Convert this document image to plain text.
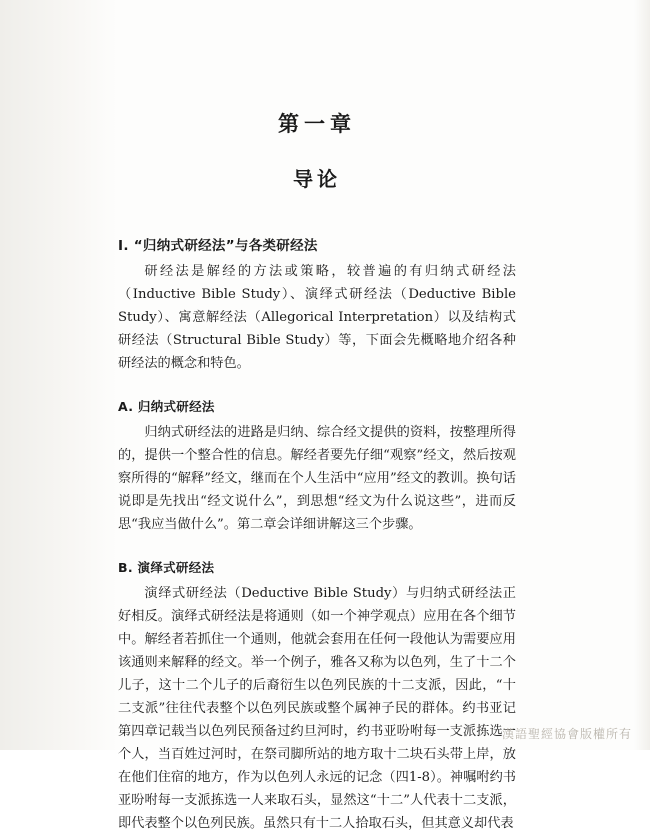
第一章
导论
I. “归纳式研经法”与各类研经法

研经法是解经的方法或策略，较普遍的有归纳式研经法（Inductive Bible Study）、演绎式研经法（Deductive Bible Study）、寓意解经法（Allegorical Interpretation）以及结构式研经法（Structural Bible Study）等，下面会先概略地介绍各种研经法的概念和特色。

A. 归纳式研经法

归纳式研经法的进路是归纳、综合经文提供的资料，按整理所得的，提供一个整合性的信息。解经者要先仔细“观察”经文，然后按观察所得的“解释”经文，继而在个人生活中“应用”经文的教训。换句话说即是先找出“经文说什么”，到思想“经文为什么说这些”，进而反思“我应当做什么”。第二章会详细讲解这三个步骤。

B. 演绎式研经法

演绎式研经法（Deductive Bible Study）与归纳式研经法正好相反。演绎式研经法是将通则（如一个神学观点）应用在各个细节中。解经者若抓住一个通则，他就会套用在任何一段他认为需要应用该通则来解释的经文。举一个例子，雅各又称为以色列，生了十二个儿子，这十二个儿子的后裔衍生以色列民族的十二支派，因此，“十二支派”往往代表整个以色列民族或整个属神子民的群体。约书亚记第四章记载当以色列民预备过约旦河时，约书亚吩咐每一支派拣选一个人，当百姓过河时，在祭司脚所站的地方取十二块石头带上岸，放在他们住宿的地方，作为以色列人永远的记念（四1-8）。神嘱咐约书亚吩咐每一支派拣选一人来取石头，显然这“十二”人代表十二支派，即代表整个以色列民族。虽然只有十二人拾取石头，但其意义却代表

漢語聖經協會版權所有
